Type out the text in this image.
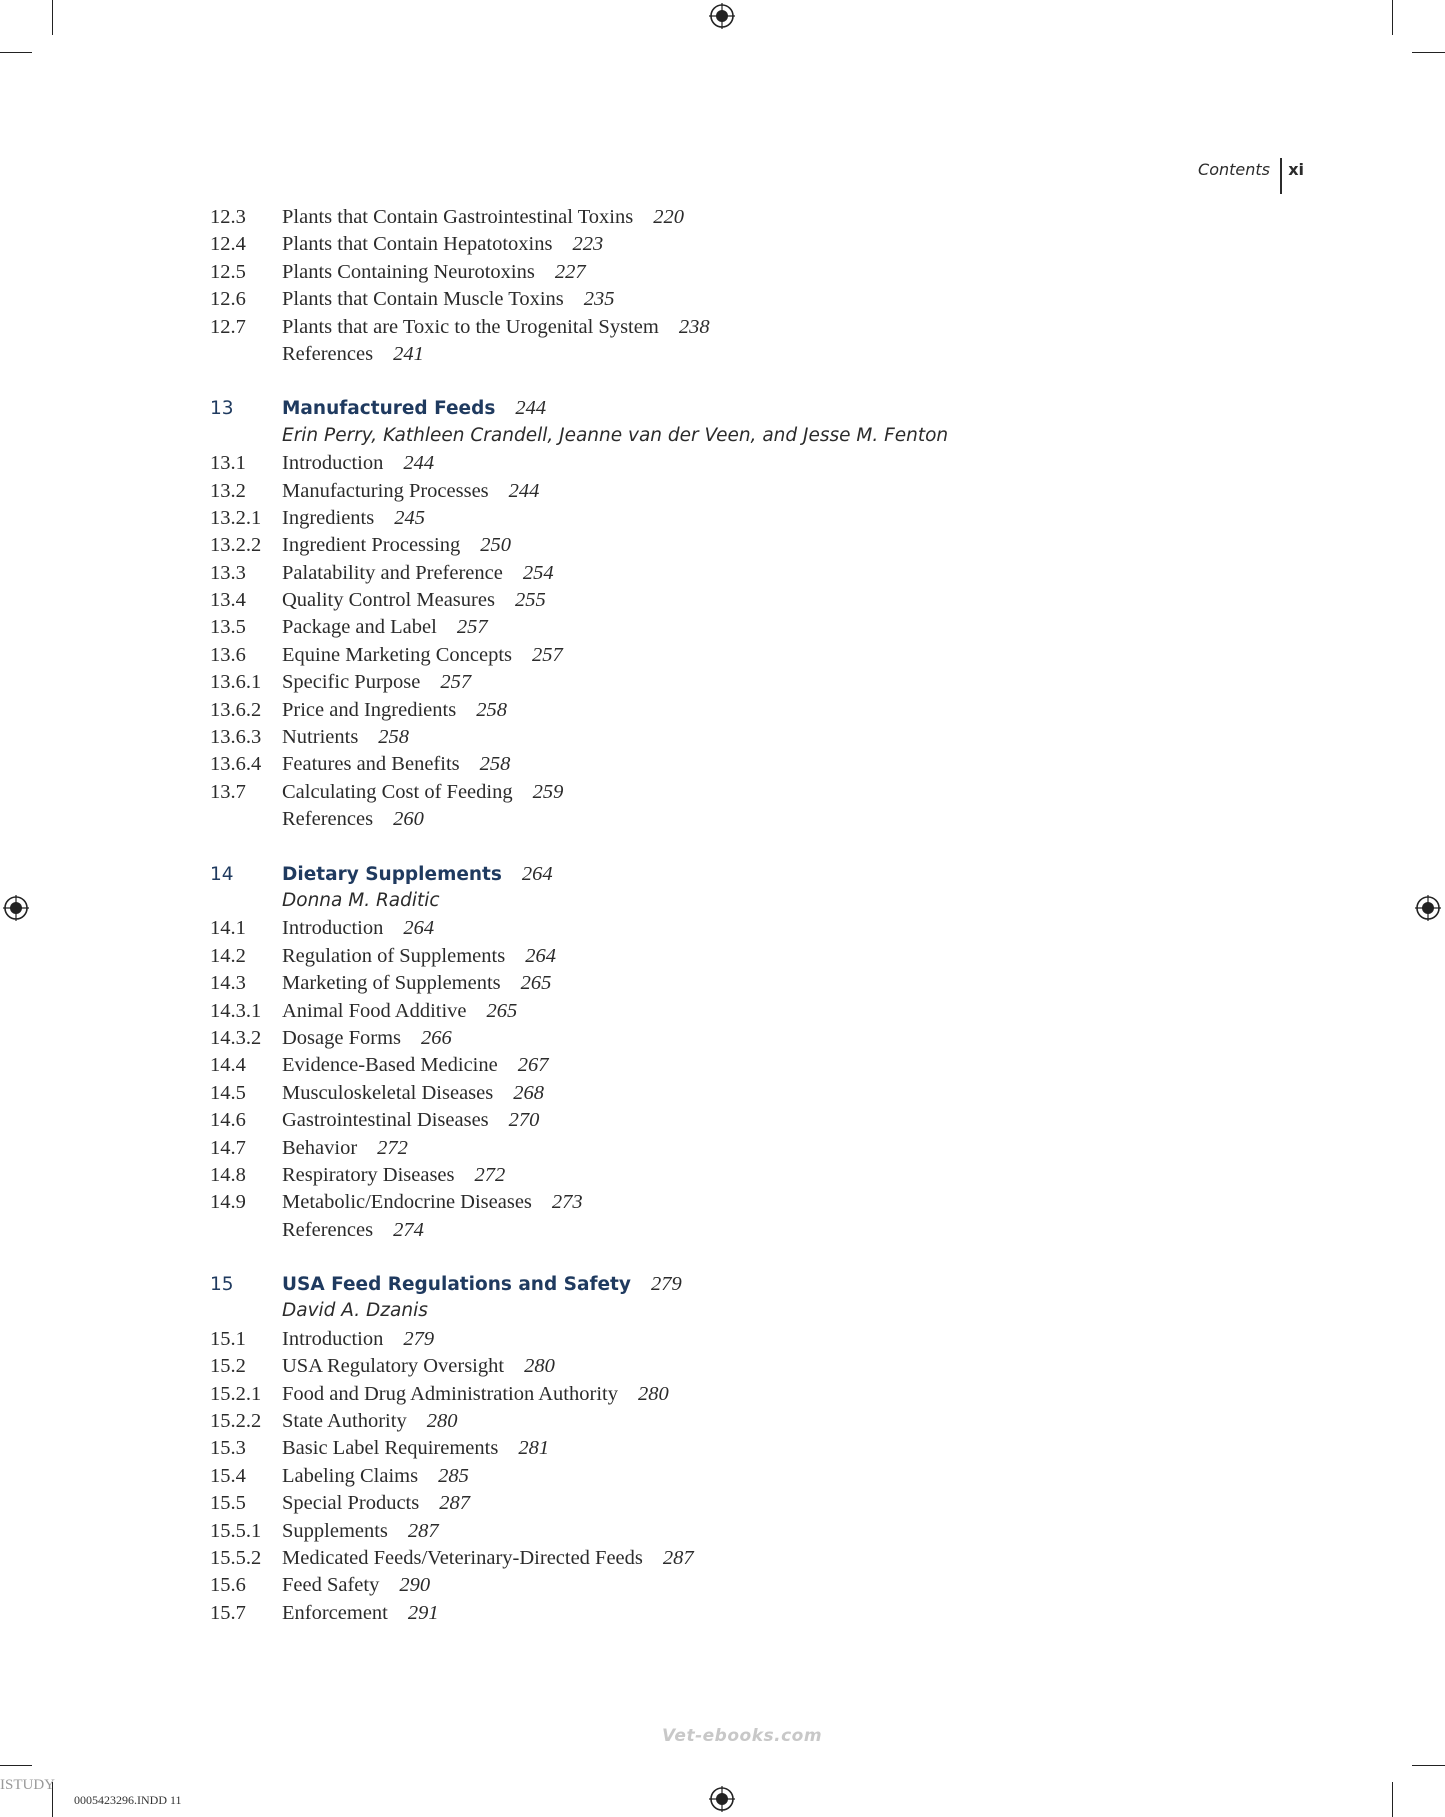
Contents xi
12.3	Plants that Contain Gastrointestinal Toxins 220
12.4	Plants that Contain Hepatotoxins 223
12.5	Plants Containing Neurotoxins 227
12.6	Plants that Contain Muscle Toxins 235
12.7	Plants that are Toxic to the Urogenital System 238
References 241
13	Manufactured Feeds 244
Erin Perry, Kathleen Crandell, Jeanne van der Veen, and Jesse M. Fenton
13.1	Introduction 244
13.2	Manufacturing Processes 244
13.2.1	Ingredients 245
13.2.2	Ingredient Processing 250
13.3	Palatability and Preference 254
13.4	Quality Control Measures 255
13.5	Package and Label 257
13.6	Equine Marketing Concepts 257
13.6.1	Specific Purpose 257
13.6.2	Price and Ingredients 258
13.6.3	Nutrients 258
13.6.4	Features and Benefits 258
13.7	Calculating Cost of Feeding 259
References 260
14	Dietary Supplements 264
Donna M. Raditic
14.1	Introduction 264
14.2	Regulation of Supplements 264
14.3	Marketing of Supplements 265
14.3.1	Animal Food Additive 265
14.3.2	Dosage Forms 266
14.4	Evidence-Based Medicine 267
14.5	Musculoskeletal Diseases 268
14.6	Gastrointestinal Diseases 270
14.7	Behavior 272
14.8	Respiratory Diseases 272
14.9	Metabolic/Endocrine Diseases 273
References 274
15	USA Feed Regulations and Safety 279
David A. Dzanis
15.1	Introduction 279
15.2	USA Regulatory Oversight 280
15.2.1	Food and Drug Administration Authority 280
15.2.2	State Authority 280
15.3	Basic Label Requirements 281
15.4	Labeling Claims 285
15.5	Special Products 287
15.5.1	Supplements 287
15.5.2	Medicated Feeds/Veterinary-Directed Feeds 287
15.6	Feed Safety 290
15.7	Enforcement 291
Vet-ebooks.com
ISTUDY
0005423296.INDD 11
